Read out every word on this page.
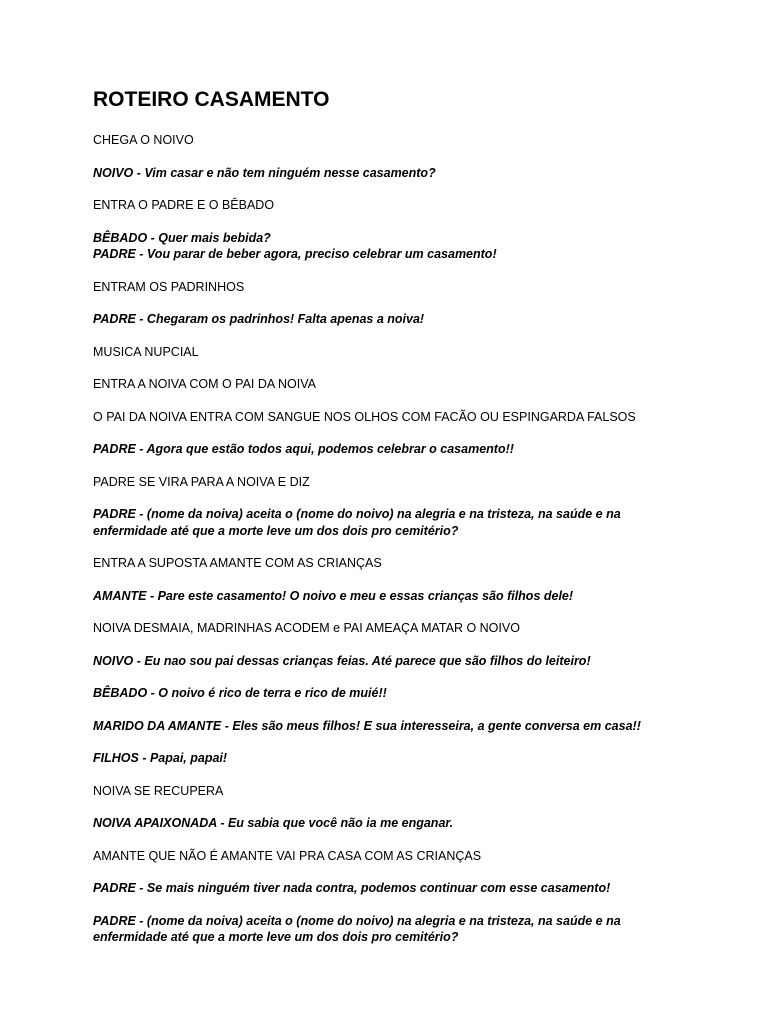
ROTEIRO CASAMENTO
CHEGA O NOIVO
NOIVO - Vim casar e não tem ninguém nesse casamento?
ENTRA O PADRE E O BÊBADO
BÊBADO - Quer mais bebida?
PADRE - Vou parar de beber agora, preciso celebrar um casamento!
ENTRAM OS PADRINHOS
PADRE - Chegaram os padrinhos! Falta apenas a noiva!
MUSICA NUPCIAL
ENTRA A NOIVA COM O PAI DA NOIVA
O PAI DA NOIVA ENTRA COM SANGUE NOS OLHOS COM FACÃO OU ESPINGARDA FALSOS
PADRE - Agora que estão todos aqui, podemos celebrar o casamento!!
PADRE SE VIRA PARA A NOIVA E DIZ
PADRE - (nome da noiva) aceita o (nome do noivo) na alegria e na tristeza, na saúde e na
enfermidade até que a morte leve um dos dois pro cemitério?
ENTRA A SUPOSTA AMANTE COM AS CRIANÇAS
AMANTE - Pare este casamento! O noivo e meu e essas crianças são filhos dele!
NOIVA DESMAIA, MADRINHAS ACODEM e PAI AMEAÇA MATAR O NOIVO
NOIVO - Eu nao sou pai dessas crianças feias. Até parece que são filhos do leiteiro!
BÊBADO - O noivo é rico de terra e rico de muié!!
MARIDO DA AMANTE - Eles são meus filhos! E sua interesseira, a gente conversa em casa!!
FILHOS - Papai, papai!
NOIVA SE RECUPERA
NOIVA APAIXONADA - Eu sabia que você não ia me enganar.
AMANTE QUE NÃO É AMANTE VAI PRA CASA COM AS CRIANÇAS
PADRE - Se mais ninguém tiver nada contra, podemos continuar com esse casamento!
PADRE - (nome da noiva) aceita o (nome do noivo) na alegria e na tristeza, na saúde e na
enfermidade até que a morte leve um dos dois pro cemitério?
